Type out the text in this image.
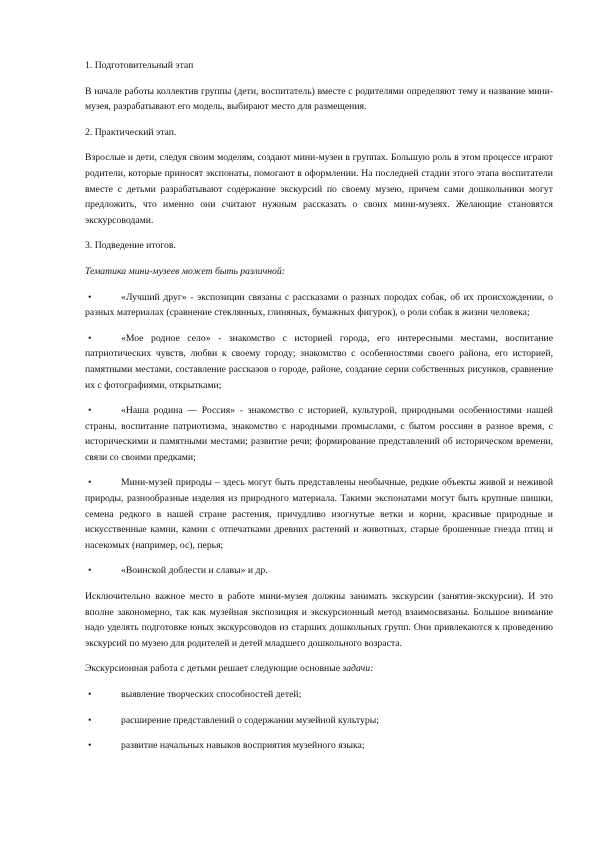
1. Подготовительный этап

В начале работы коллектив группы (дети, воспитатель) вместе с родителями определяют тему и название мини-музея, разрабатывают его модель, выбирают место для размещения.

2. Практический этап.

Взрослые и дети, следуя своим моделям, создают мини-музеи в группах. Большую роль в этом процессе играют родители, которые приносят экспонаты, помогают в оформлении. На последней стадии этого этапа воспитатели вместе с детьми разрабатывают содержание экскурсий по своему музею, причем сами дошкольники могут предложить, что именно они считают нужным рассказать о своих мини-музеях. Желающие становятся экскурсоводами.

3. Подведение итогов.

Тематика мини-музеев может быть различной:

•	«Лучший друг» - экспозиции связаны с рассказами о разных породах собак, об их происхождении, о разных материалах (сравнение стеклянных, глиняных, бумажных фигурок), о роли собак в жизни человека;
•	«Мое родное село» - знакомство с историей города, его интересными местами, воспитание патриотических чувств, любви к своему городу; знакомство с особенностями своего района, его историей, памятными местами, составление рассказов о городе, районе, создание серии собственных рисунков, сравнение их с фотографиями, открытками;
•	«Наша родина — Россия» - знакомство с историей, культурой, природными особенностями нашей страны, воспитание патриотизма, знакомство с народными промыслами, с бытом россиян в разное время, с историческими и памятными местами; развитие речи; формирование представлений об историческом времени, связи со своими предками;
•	Мини-музей природы – здесь могут быть представлены необычные, редкие объекты живой и неживой природы, разнообразные изделия из природного материала. Такими экспонатами могут быть крупные шишки, семена редкого в нашей стране растения, причудливо изогнутые ветки и корни, красивые природные и искусственные камни, камни с отпечатками древних растений и животных, старые брошенные гнезда птиц и насекомых (например, ос), перья;
•	«Воинской доблести и славы» и др.

Исключительно важное место в работе мини-музея должны занимать экскурсии (занятия-экскурсии). И это вполне закономерно, так как музейная экспозиция и экскурсионный метод взаимосвязаны. Большое внимание надо уделять подготовке юных экскурсоводов из старших дошкольных групп. Они привлекаются к проведению экскурсий по музею для родителей и детей младшего дошкольного возраста.

Экскурсионная работа с детьми решает следующие основные задачи:

•	выявление творческих способностей детей;
•	расширение представлений о содержании музейной культуры;
•	развитие начальных навыков восприятия музейного языка;
